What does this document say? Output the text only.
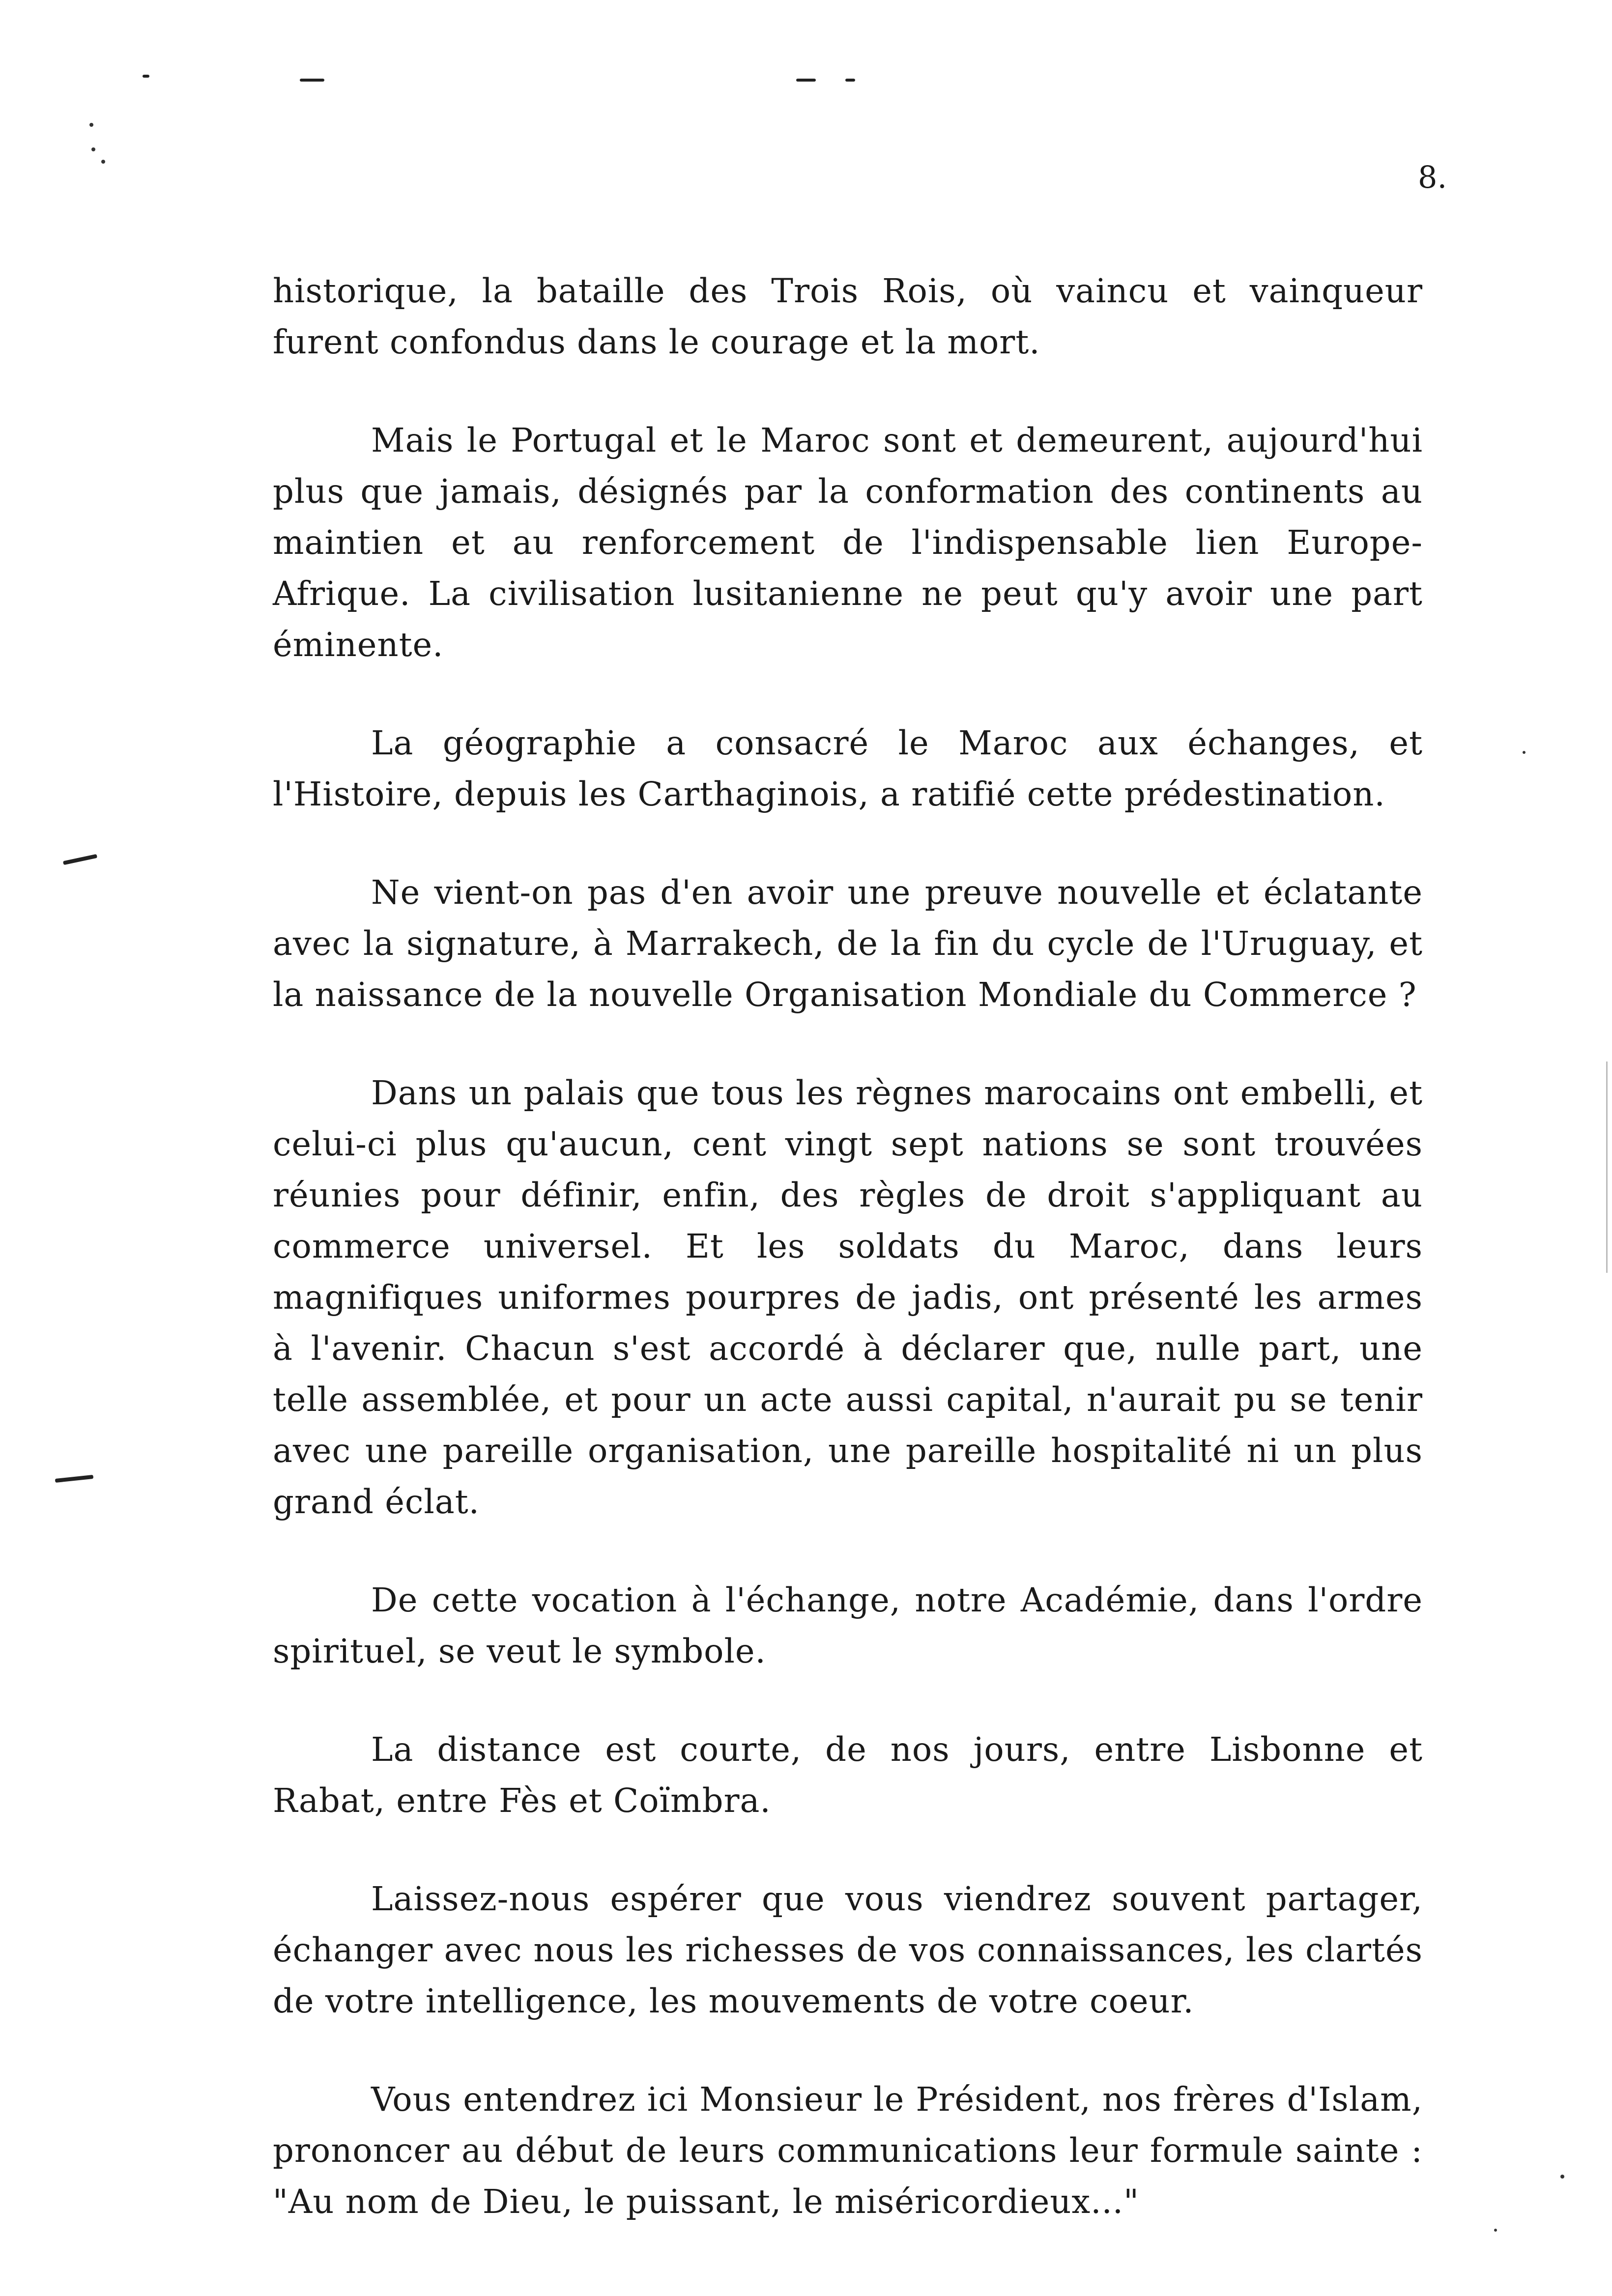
8.

historique, la bataille des Trois Rois, où vaincu et vainqueur furent confondus dans le courage et la mort.

Mais le Portugal et le Maroc sont et demeurent, aujourd'hui plus que jamais, désignés par la conformation des continents au maintien et au renforcement de l'indispensable lien Europe-Afrique. La civilisation lusitanienne ne peut qu'y avoir une part éminente.

La géographie a consacré le Maroc aux échanges, et l'Histoire, depuis les Carthaginois, a ratifié cette prédestination.

Ne vient-on pas d'en avoir une preuve nouvelle et éclatante avec la signature, à Marrakech, de la fin du cycle de l'Uruguay, et la naissance de la nouvelle Organisation Mondiale du Commerce ?

Dans un palais que tous les règnes marocains ont embelli, et celui-ci plus qu'aucun, cent vingt sept nations se sont trouvées réunies pour définir, enfin, des règles de droit s'appliquant au commerce universel. Et les soldats du Maroc, dans leurs magnifiques uniformes pourpres de jadis, ont présenté les armes à l'avenir. Chacun s'est accordé à déclarer que, nulle part, une telle assemblée, et pour un acte aussi capital, n'aurait pu se tenir avec une pareille organisation, une pareille hospitalité ni un plus grand éclat.

De cette vocation à l'échange, notre Académie, dans l'ordre spirituel, se veut le symbole.

La distance est courte, de nos jours, entre Lisbonne et Rabat, entre Fès et Coïmbra.

Laissez-nous espérer que vous viendrez souvent partager, échanger avec nous les richesses de vos connaissances, les clartés de votre intelligence, les mouvements de votre coeur.

Vous entendrez ici Monsieur le Président, nos frères d'Islam, prononcer au début de leurs communications leur formule sainte : "Au nom de Dieu, le puissant, le miséricordieux..."
